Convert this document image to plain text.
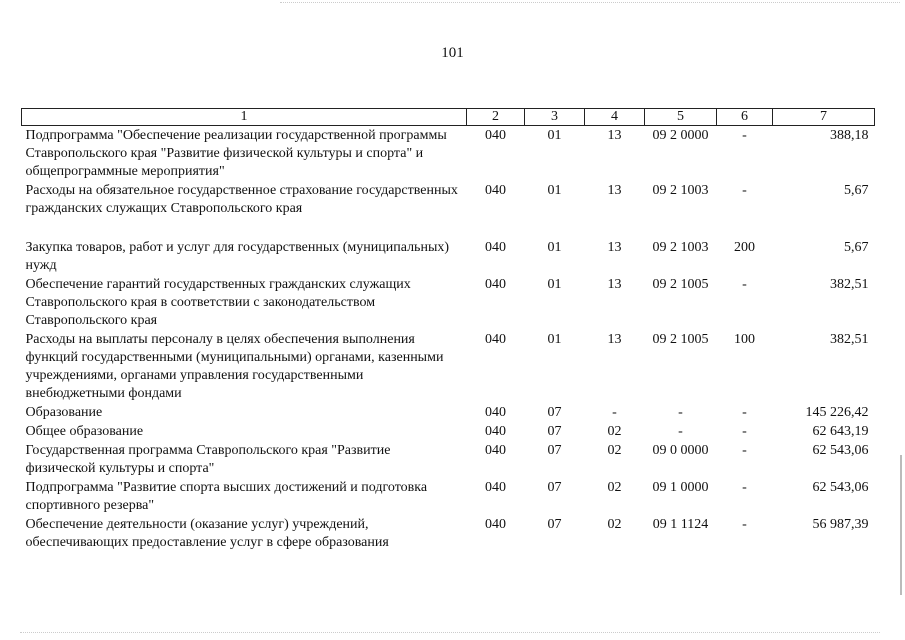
101
1	2	3	4	5	6	7
Подпрограмма "Обеспечение реализации государственной программы Ставропольского края "Развитие физической культуры и спорта" и общепрограммные мероприятия"	040	01	13	09 2 0000	-	388,18
Расходы на обязательное государственное страхование государственных гражданских служащих Ставропольского края	040	01	13	09 2 1003	-	5,67
Закупка товаров, работ и услуг для государственных (муниципальных) нужд	040	01	13	09 2 1003	200	5,67
Обеспечение гарантий государственных гражданских служащих Ставропольского края в соответствии с законодательством Ставропольского края	040	01	13	09 2 1005	-	382,51
Расходы на выплаты персоналу в целях обеспечения выполнения функций государственными (муниципальными) органами, казенными учреждениями, органами управления государственными внебюджетными фондами	040	01	13	09 2 1005	100	382,51
Образование	040	07	-	-	-	145 226,42
Общее образование	040	07	02	-	-	62 643,19
Государственная программа Ставропольского края "Развитие физической культуры и спорта"	040	07	02	09 0 0000	-	62 543,06
Подпрограмма "Развитие спорта высших достижений и подготовка спортивного резерва"	040	07	02	09 1 0000	-	62 543,06
Обеспечение деятельности (оказание услуг) учреждений, обеспечивающих предоставление услуг в сфере образования	040	07	02	09 1 1124	-	56 987,39
